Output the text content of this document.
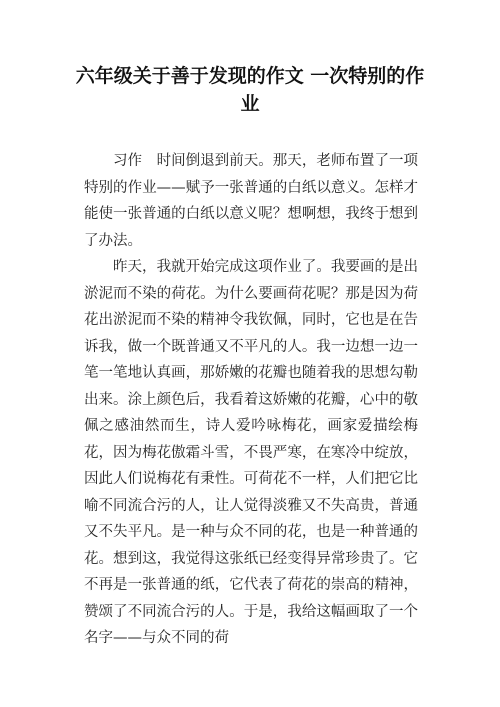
六年级关于善于发现的作文 一次特别的作业

习作　时间倒退到前天。那天，老师布置了一项特别的作业——赋予一张普通的白纸以意义。怎样才能使一张普通的白纸以意义呢？想啊想，我终于想到了办法。

昨天，我就开始完成这项作业了。我要画的是出淤泥而不染的荷花。为什么要画荷花呢？那是因为荷花出淤泥而不染的精神令我钦佩，同时，它也是在告诉我，做一个既普通又不平凡的人。我一边想一边一笔一笔地认真画，那娇嫩的花瓣也随着我的思想勾勒出来。涂上颜色后，我看着这娇嫩的花瓣，心中的敬佩之感油然而生，诗人爱吟咏梅花，画家爱描绘梅花，因为梅花傲霜斗雪，不畏严寒，在寒冷中绽放，因此人们说梅花有秉性。可荷花不一样，人们把它比喻不同流合污的人，让人觉得淡雅又不失高贵，普通又不失平凡。是一种与众不同的花，也是一种普通的花。想到这，我觉得这张纸已经变得异常珍贵了。它不再是一张普通的纸，它代表了荷花的崇高的精神，赞颂了不同流合污的人。于是，我给这幅画取了一个名字——与众不同的荷
